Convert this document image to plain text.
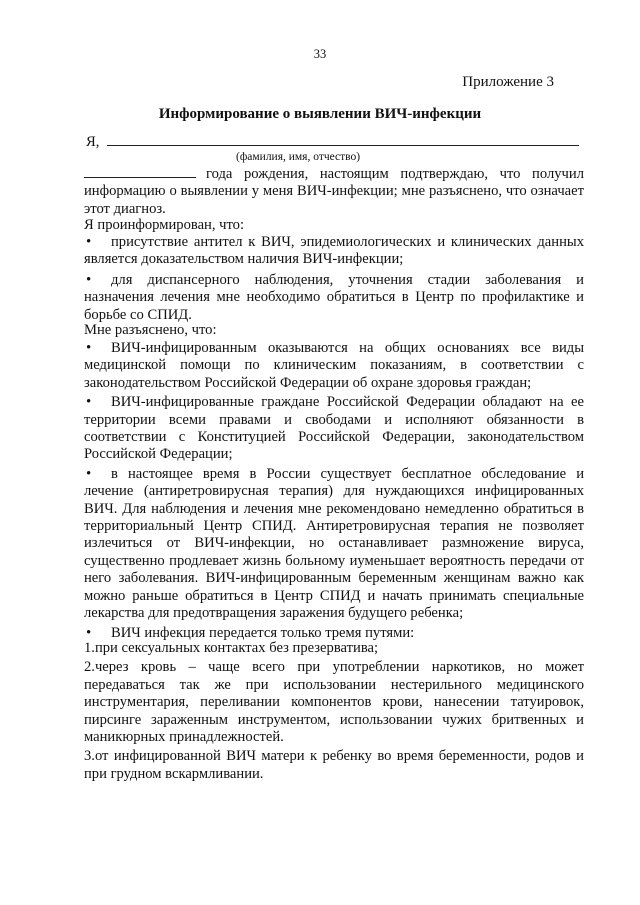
33

Приложение 3

Информирование о выявлении ВИЧ-инфекции
Я,

(фамилия, имя, отчество)

года рождения, настоящим подтверждаю, что получил информацию о выявлении у меня ВИЧ-инфекции; мне разъяснено, что означает этот диагноз.

Я проинформирован, что:

• присутствие антител к ВИЧ, эпидемиологических и клинических данных является доказательством наличия ВИЧ-инфекции;
• для диспансерного наблюдения, уточнения стадии заболевания и назначения лечения мне необходимо обратиться в Центр по профилактике и борьбе со СПИД.

Мне разъяснено, что:

• ВИЧ-инфицированным оказываются на общих основаниях все виды медицинской помощи по клиническим показаниям, в соответствии с законодательством Российской Федерации об охране здоровья граждан;
• ВИЧ-инфицированные граждане Российской Федерации обладают на ее территории всеми правами и свободами и исполняют обязанности в соответствии с Конституцией Российской Федерации, законодательством Российской Федерации;
• в настоящее время в России существует бесплатное обследование и лечение (антиретровирусная терапия) для нуждающихся инфицированных ВИЧ. Для наблюдения и лечения мне рекомендовано немедленно обратиться в территориальный Центр СПИД. Антиретровирусная терапия не позволяет излечиться от ВИЧ-инфекции, но останавливает размножение вируса, существенно продлевает жизнь больному иуменьшает вероятность передачи от него заболевания. ВИЧ-инфицированным беременным женщинам важно как можно раньше обратиться в Центр СПИД и начать принимать специальные лекарства для предотвращения заражения будущего ребенка;
• ВИЧ инфекция передается только тремя путями:

1.при сексуальных контактах без презерватива;

2.через кровь – чаще всего при употреблении наркотиков, но может передаваться так же при использовании нестерильного медицинского инструментария, переливании компонентов крови, нанесении татуировок, пирсинге зараженным инструментом, использовании чужих бритвенных и маникюрных принадлежностей.

3.от инфицированной ВИЧ матери к ребенку во время беременности, родов и при грудном вскармливании.
